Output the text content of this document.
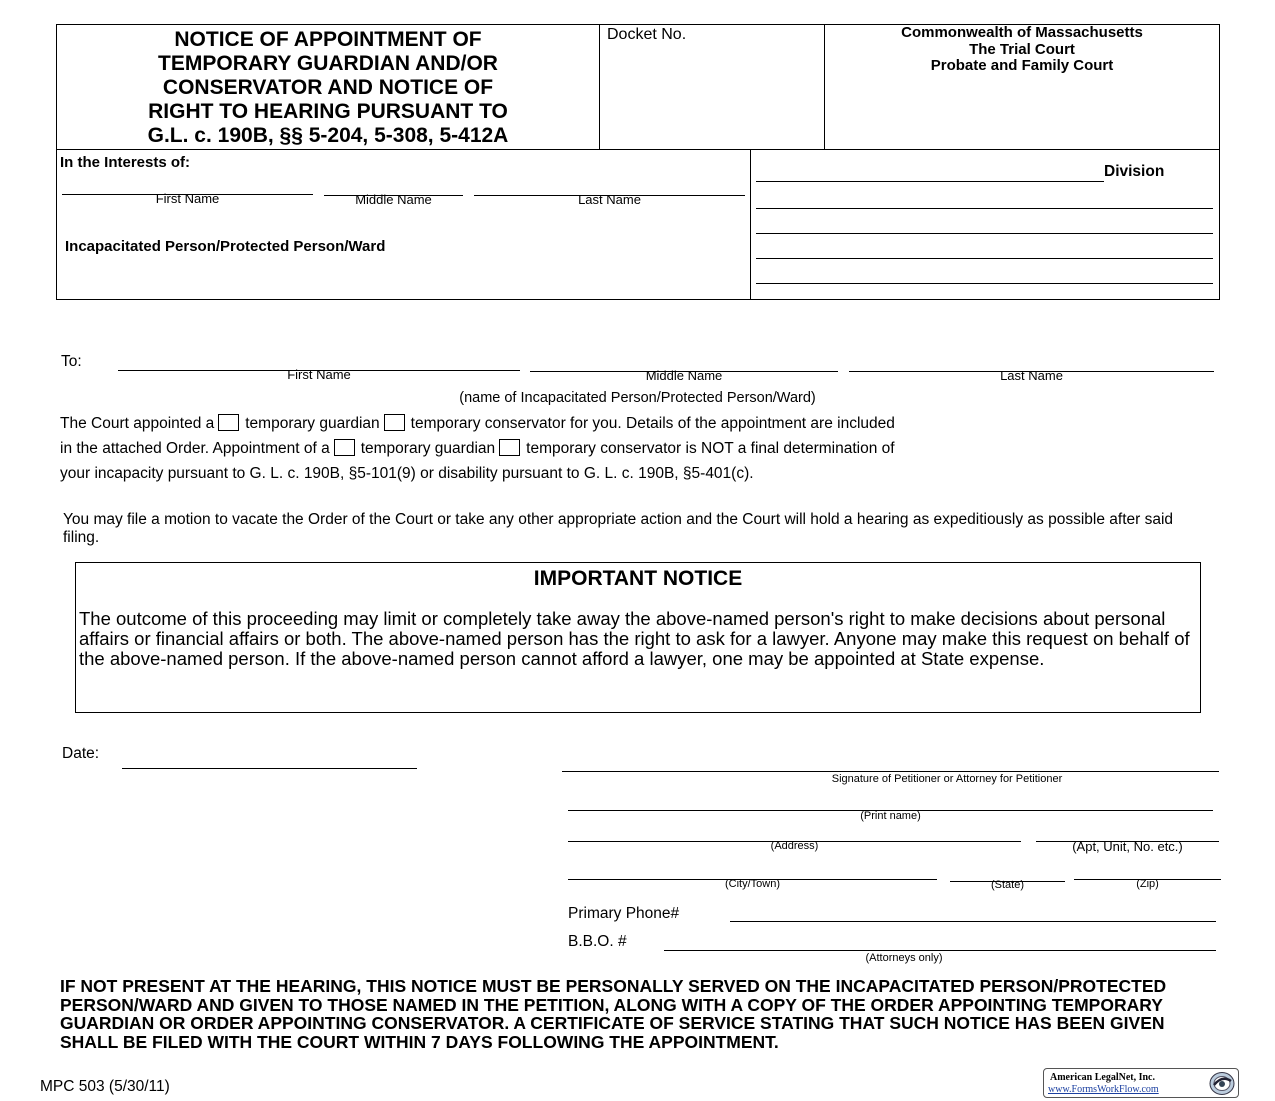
NOTICE OF APPOINTMENT OF
TEMPORARY GUARDIAN AND/OR
CONSERVATOR AND NOTICE OF
RIGHT TO HEARING PURSUANT TO
G.L. c. 190B, §§ 5-204, 5-308, 5-412A
Docket No.	Commonwealth of Massachusetts
The Trial Court
Probate and Family Court
In the Interests of:
First Name	Middle Name	Last Name
Incapacitated Person/Protected Person/Ward
Division
To:
First Name	Middle Name	Last Name
(name of Incapacitated Person/Protected Person/Ward)
The Court appointed a temporary guardian temporary conservator for you. Details of the appointment are included
in the attached Order. Appointment of a temporary guardian temporary conservator is NOT a final determination of
your incapacity pursuant to G. L. c. 190B, §5-101(9) or disability pursuant to G. L. c. 190B, §5-401(c).
You may file a motion to vacate the Order of the Court or take any other appropriate action and the Court will hold a hearing as expeditiously as possible after said filing.
IMPORTANT NOTICE
The outcome of this proceeding may limit or completely take away the above-named person's right to make decisions about personal affairs or financial affairs or both. The above-named person has the right to ask for a lawyer. Anyone may make this request on behalf of the above-named person. If the above-named person cannot afford a lawyer, one may be appointed at State expense.
Date:
Signature of Petitioner or Attorney for Petitioner
(Print name)
(Address)	(Apt, Unit, No. etc.)
(City/Town)	(State)	(Zip)
Primary Phone#
B.B.O. #
(Attorneys only)
IF NOT PRESENT AT THE HEARING, THIS NOTICE MUST BE PERSONALLY SERVED ON THE INCAPACITATED PERSON/PROTECTED PERSON/WARD AND GIVEN TO THOSE NAMED IN THE PETITION, ALONG WITH A COPY OF THE ORDER APPOINTING TEMPORARY GUARDIAN OR ORDER APPOINTING CONSERVATOR. A CERTIFICATE OF SERVICE STATING THAT SUCH NOTICE HAS BEEN GIVEN SHALL BE FILED WITH THE COURT WITHIN 7 DAYS FOLLOWING THE APPOINTMENT.
MPC 503 (5/30/11)
American LegalNet, Inc.
www.FormsWorkFlow.com
